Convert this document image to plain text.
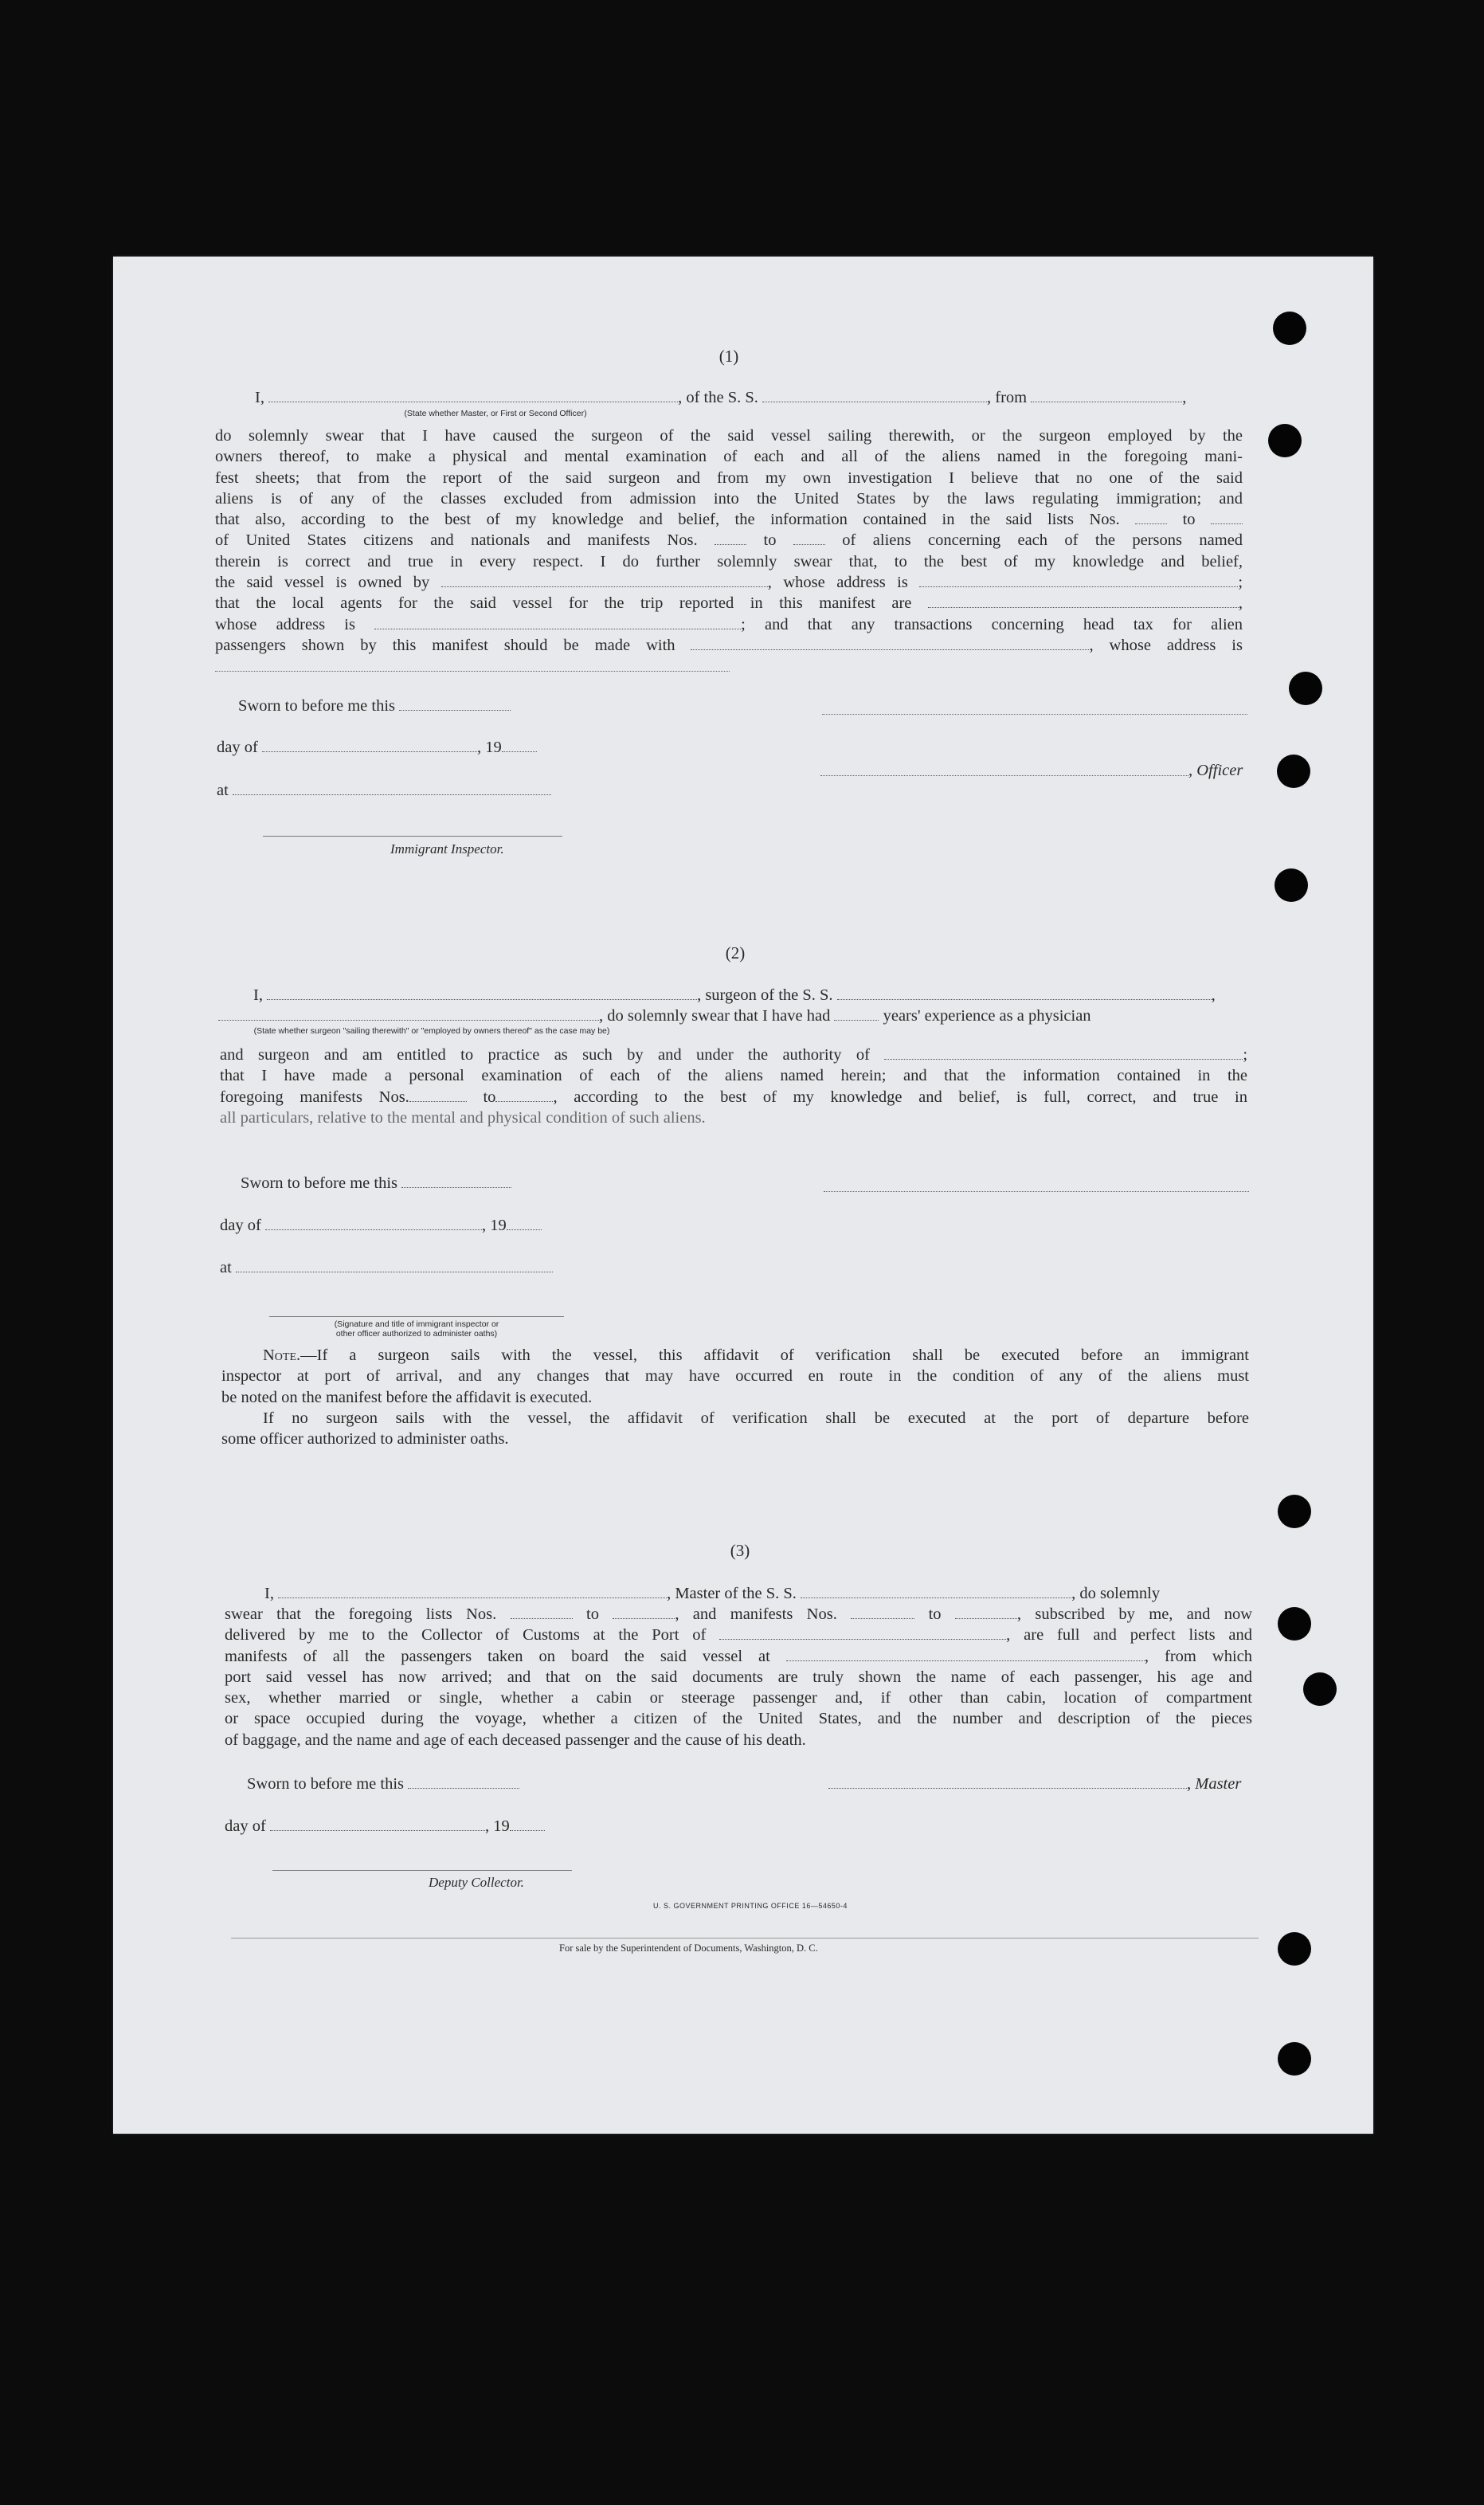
(1)
I,	, of the S. S.	, from	,
(State whether Master, or First or Second Officer)
do solemnly swear that I have caused the surgeon of the said vessel sailing therewith, or the surgeon employed by the
owners thereof, to make a physical and mental examination of each and all of the aliens named in the foregoing mani-
fest sheets; that from the report of the said surgeon and from my own investigation I believe that no one of the said
aliens is of any of the classes excluded from admission into the United States by the laws regulating immigration; and
that also, according to the best of my knowledge and belief, the information contained in the said lists Nos.	to
of United States citizens and nationals and manifests Nos.	to	of aliens concerning each of the persons named
therein is correct and true in every respect. I do further solemnly swear that, to the best of my knowledge and belief,
the said vessel is owned by	, whose address is	;
that the local agents for the said vessel for the trip reported in this manifest are	,
whose address is	; and that any transactions concerning head tax for alien
passengers shown by this manifest should be made with	, whose address is
Sworn to before me this
day of	, 19
, Officer
at
Immigrant Inspector.
(2)
I,	, surgeon of the S. S.	,
, do solemnly swear that I have had	years' experience as a physician
(State whether surgeon "sailing therewith" or "employed by owners thereof" as the case may be)
and surgeon and am entitled to practice as such by and under the authority of	;
that I have made a personal examination of each of the aliens named herein; and that the information contained in the
foregoing manifests Nos.	to	, according to the best of my knowledge and belief, is full, correct, and true in
all particulars, relative to the mental and physical condition of such aliens.
Sworn to before me this
day of	, 19
at
(Signature and title of immigrant inspector or
other officer authorized to administer oaths)
Note.—If a surgeon sails with the vessel, this affidavit of verification shall be executed before an immigrant
inspector at port of arrival, and any changes that may have occurred en route in the condition of any of the aliens must
be noted on the manifest before the affidavit is executed.
If no surgeon sails with the vessel, the affidavit of verification shall be executed at the port of departure before
some officer authorized to administer oaths.
(3)
I,	, Master of the S. S.	, do solemnly
swear that the foregoing lists Nos.	to	, and manifests Nos.	to	, subscribed by me, and now
delivered by me to the Collector of Customs at the Port of	, are full and perfect lists and
manifests of all the passengers taken on board the said vessel at	, from which
port said vessel has now arrived; and that on the said documents are truly shown the name of each passenger, his age and
sex, whether married or single, whether a cabin or steerage passenger and, if other than cabin, location of compartment
or space occupied during the voyage, whether a citizen of the United States, and the number and description of the pieces
of baggage, and the name and age of each deceased passenger and the cause of his death.
Sworn to before me this	, Master
day of	, 19
Deputy Collector.
U. S. GOVERNMENT PRINTING OFFICE 16—54650-4
For sale by the Superintendent of Documents, Washington, D. C.
